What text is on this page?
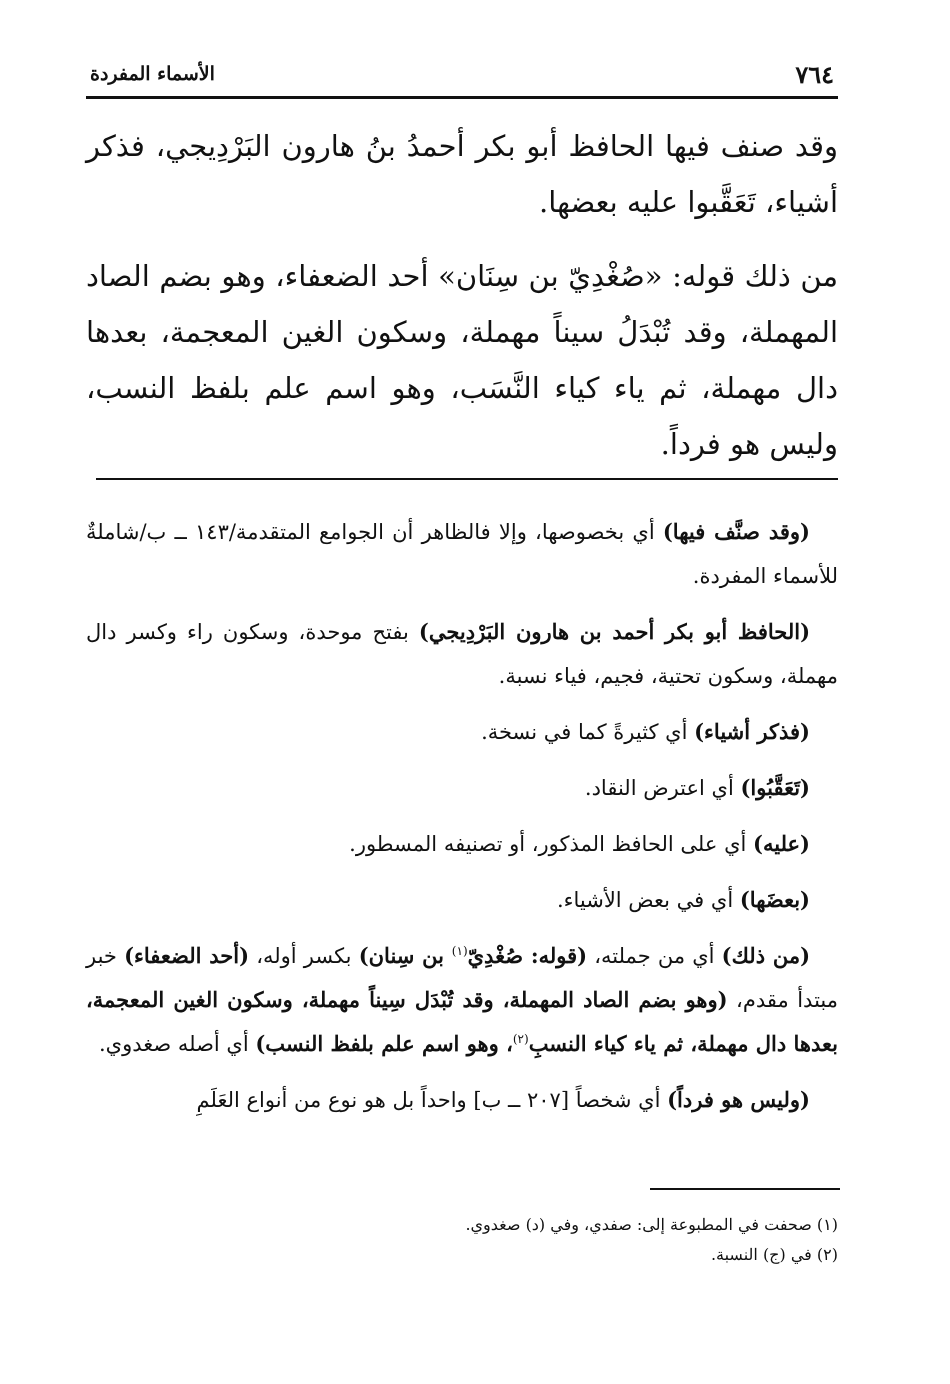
٧٦٤
الأسماء المفردة

وقد صنف فيها الحافظ أبو بكر أحمدُ بنُ هارون البَرْدِيجي، فذكر أشياء، تَعَقَّبوا عليه بعضها.

من ذلك قوله: «صُغْدِيّ بن سِنَان» أحد الضعفاء، وهو بضم الصاد المهملة، وقد تُبْدَلُ سيناً مهملة، وسكون الغين المعجمة، بعدها دال مهملة، ثم ياء كياء النَّسَب، وهو اسم علم بلفظ النسب، وليس هو فرداً.

(وقد صنَّف فيها) أي بخصوصها، وإلا فالظاهر أن الجوامع المتقدمة/١٤٣ ــ ب/شاملةٌ للأسماء المفردة.

(الحافظ أبو بكر أحمد بن هارون البَرْدِيجي) بفتح موحدة، وسكون راء وكسر دال مهملة، وسكون تحتية، فجيم، فياء نسبة.

(فذكر أشياء) أي كثيرةً كما في نسخة.

(تَعَقَّبُوا) أي اعترض النقاد.

(عليه) أي على الحافظ المذكور، أو تصنيفه المسطور.

(بعضَها) أي في بعض الأشياء.

(من ذلك) أي من جملته، (قوله: صُغْدِيّ$^{(١)}$ بن سِنان) بكسر أوله، (أحد الضعفاء) خبر مبتدأ مقدم، (وهو بضم الصاد المهملة، وقد تُبْدَل سِيناً مهملة، وسكون الغين المعجمة، بعدها دال مهملة، ثم ياء كياء النسبِ$^{(٢)}$، وهو اسم علم بلفظ النسب) أي أصله صغدوي.

(وليس هو فرداً) أي شخصاً [٢٠٧ ــ ب] واحداً بل هو نوع من أنواع العَلَمِ

(١) صحفت في المطبوعة إلى: صفدي، وفي (د) صغدوي.
(٢) في (ج) النسبة.
